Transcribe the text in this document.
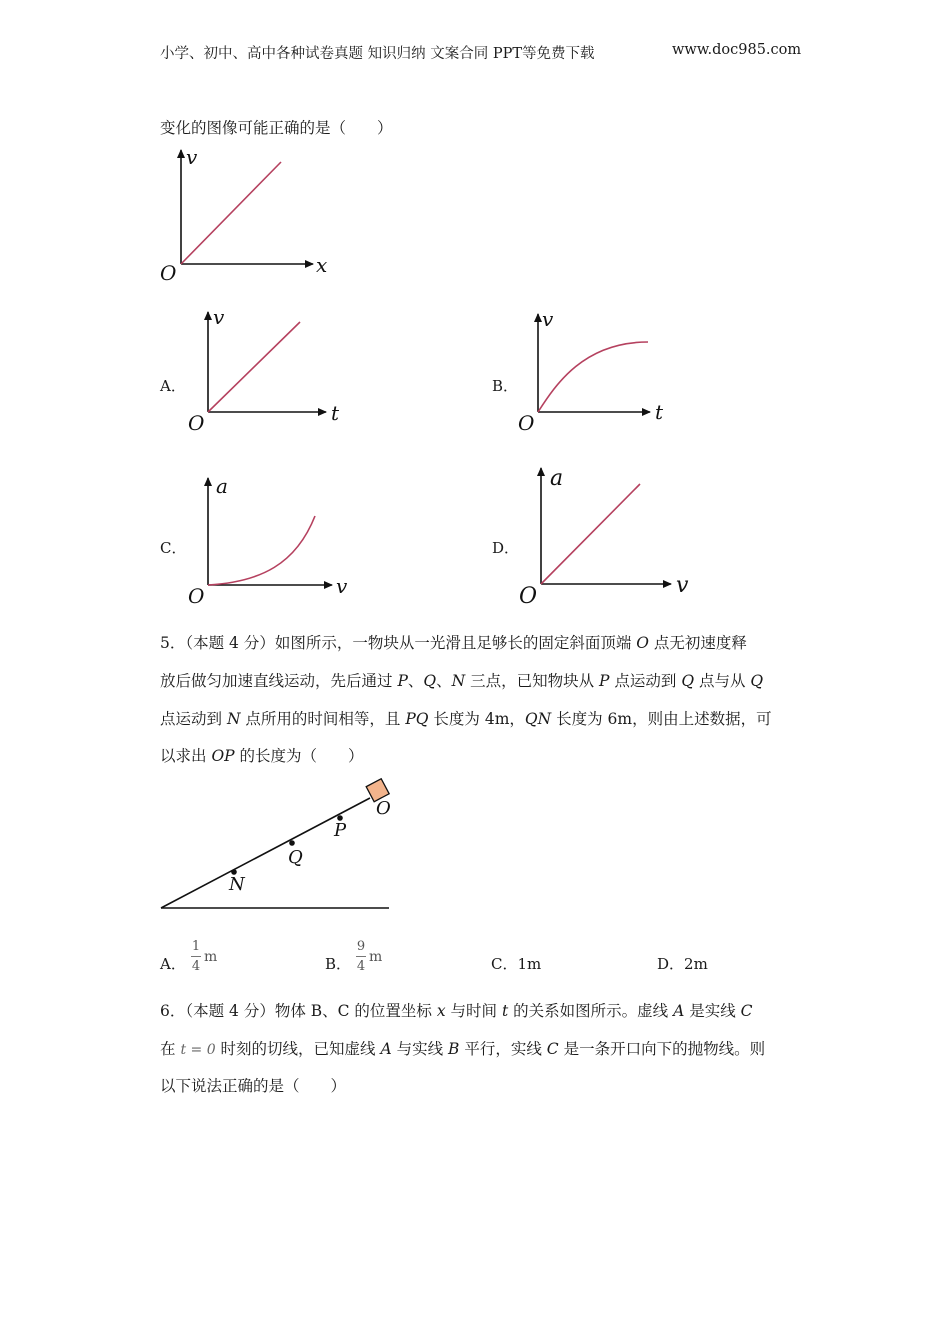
小学、初中、高中各种试卷真题 知识归纳 文案合同 PPT等免费下载	www.doc985.com
变化的图像可能正确的是（　　）
v
x
O
A．
v
t
O
B．
v
t
O
C．
a
v
O
D．
a
v
O
5．（本题 4 分）如图所示，一物块从一光滑且足够长的固定斜面顶端 O 点无初速度释
放后做匀加速直线运动，先后通过 P、Q、N 三点，已知物块从 P 点运动到 Q 点与从 Q
点运动到 N 点所用的时间相等，且 PQ 长度为 4m，QN 长度为 6m，则由上述数据，可
以求出 OP 的长度为（　　）
O
P
Q
N
A．
1
4
m	B．
9
4
m	C．1m	D．2m
6．（本题 4 分）物体 B、C 的位置坐标 x 与时间 t 的关系如图所示。虚线 A 是实线 C
在 t = 0 时刻的切线，已知虚线 A 与实线 B 平行，实线 C 是一条开口向下的抛物线。则
以下说法正确的是（　　）
